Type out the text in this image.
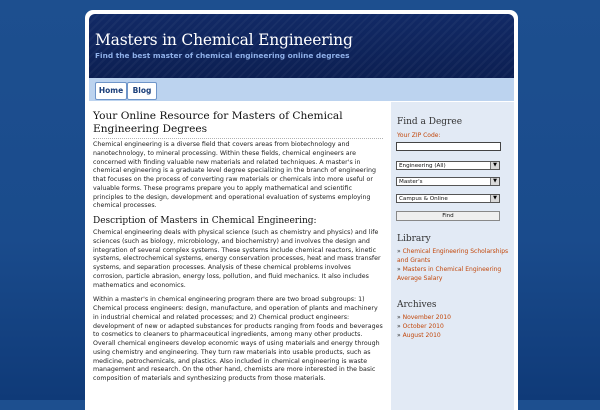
Masters in Chemical Engineering
Find the best master of chemical engineering online degrees
Home	Blog
Your Online Resource for Masters of Chemical Engineering Degrees

Chemical engineering is a diverse field that covers areas from biotechnology and nanotechnology, to mineral processing. Within these fields, chemical engineers are concerned with finding valuable new materials and related techniques. A master's in chemical engineering is a graduate level degree specializing in the branch of engineering that focuses on the process of converting raw materials or chemicals into more useful or valuable forms. These programs prepare you to apply mathematical and scientific principles to the design, development and operational evaluation of systems employing chemical processes.

Description of Masters in Chemical Engineering:

Chemical engineering deals with physical science (such as chemistry and physics) and life sciences (such as biology, microbiology, and biochemistry) and involves the design and integration of several complex systems. These systems include chemical reactors, kinetic systems, electrochemical systems, energy conservation processes, heat and mass transfer systems, and separation processes. Analysis of these chemical problems involves corrosion, particle abrasion, energy loss, pollution, and fluid mechanics. It also includes mathematics and economics.

Within a master's in chemical engineering program there are two broad subgroups: 1) Chemical process engineers: design, manufacture, and operation of plants and machinery in industrial chemical and related processes; and 2) Chemical product engineers: development of new or adapted substances for products ranging from foods and beverages to cosmetics to cleaners to pharmaceutical ingredients, among many other products. Overall chemical engineers develop economic ways of using materials and energy through using chemistry and engineering. They turn raw materials into usable products, such as medicine, petrochemicals, and plastics. Also included in chemical engineering is waste management and research. On the other hand, chemists are more interested in the basic composition of materials and synthesizing products from those materials.

Find a Degree
Your ZIP Code:
Engineering (All)	▼
Master's	▼
Campus & Online	▼
Find
Library
» Chemical Engineering Scholarships and Grants
» Masters in Chemical Engineering Average Salary
Archives
» November 2010
» October 2010
» August 2010
